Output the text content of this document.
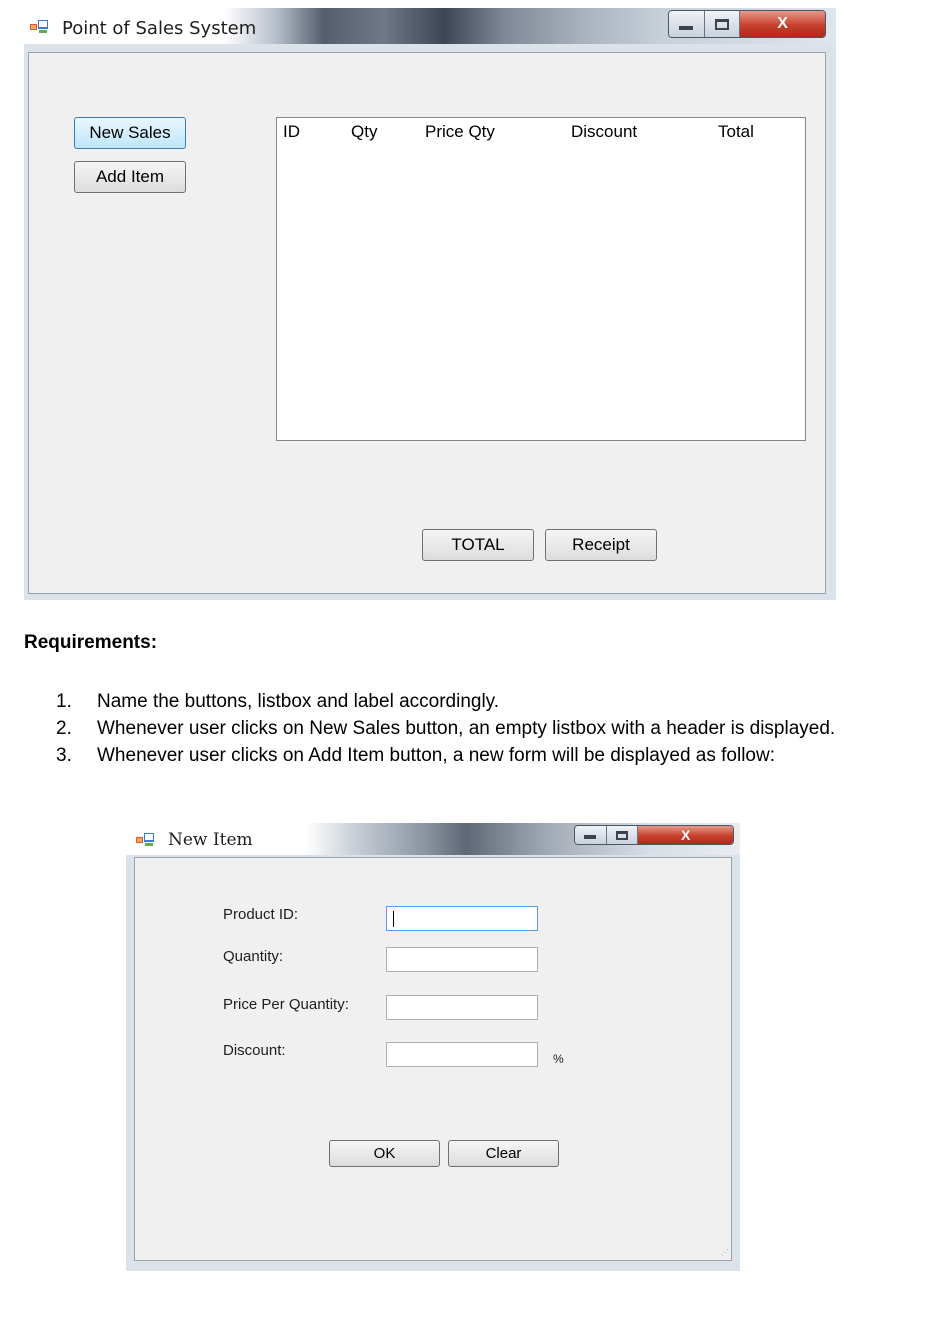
Point of Sales System	X
New Sales
Add Item
ID	Qty	Price Qty	Discount	Total
TOTAL	Receipt
Requirements:
1. Name the buttons, listbox and label accordingly.
2. Whenever user clicks on New Sales button, an empty listbox with a header is displayed.
3. Whenever user clicks on Add Item button, a new form will be displayed as follow:
New Item	X
Product ID:
Quantity:
Price Per Quantity:
Discount:	%
OK	Clear
⋰
